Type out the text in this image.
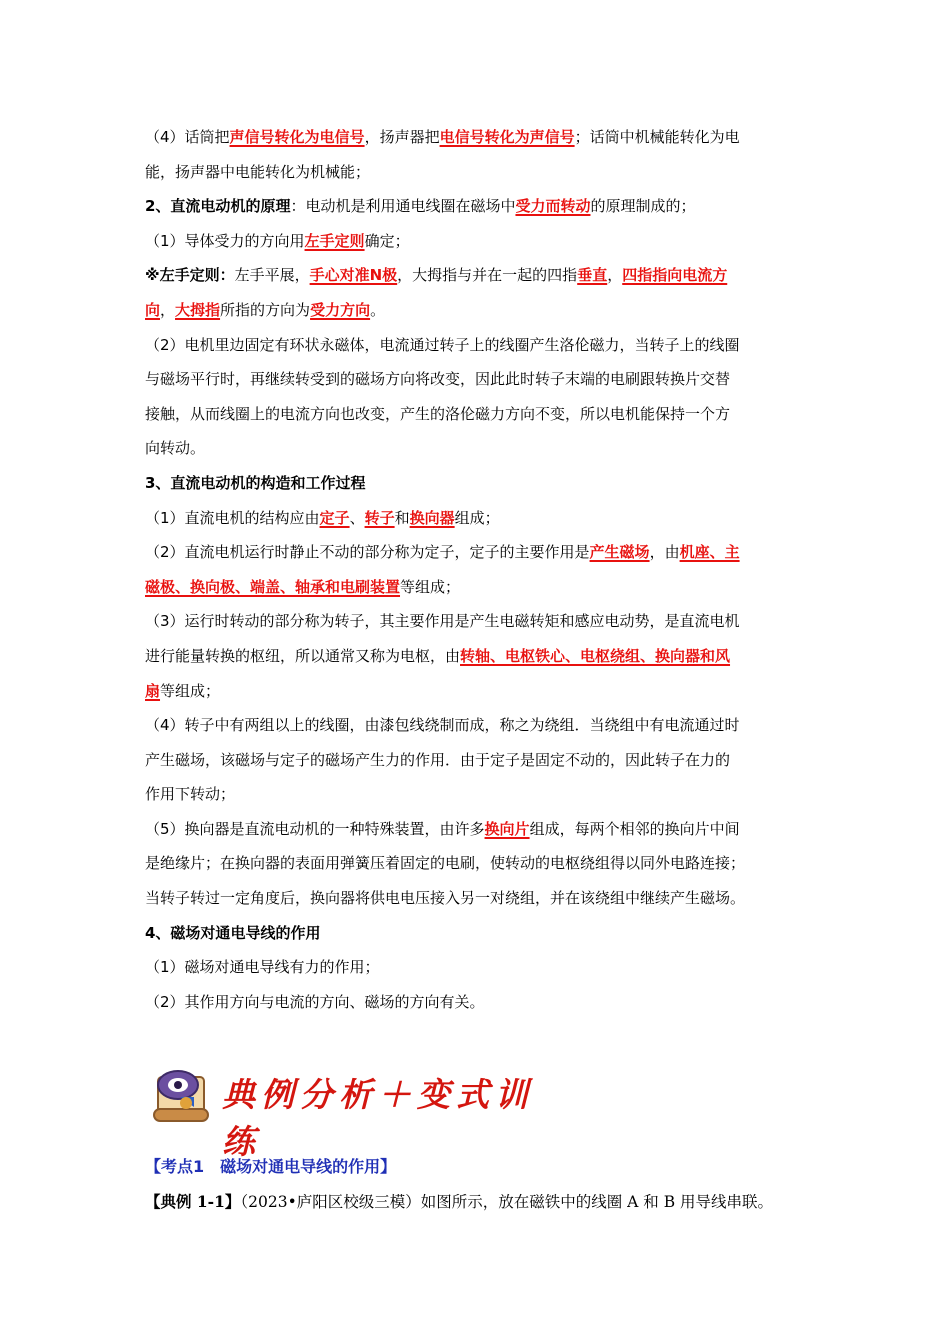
（4）话筒把声信号转化为电信号，扬声器把电信号转化为声信号；话筒中机械能转化为电
能，扬声器中电能转化为机械能；
2、直流电动机的原理：电动机是利用通电线圈在磁场中受力而转动的原理制成的；
（1）导体受力的方向用左手定则确定；
※左手定则：左手平展，手心对准N极，大拇指与并在一起的四指垂直，四指指向电流方
向，大拇指所指的方向为受力方向。
（2）电机里边固定有环状永磁体，电流通过转子上的线圈产生洛伦磁力，当转子上的线圈
与磁场平行时，再继续转受到的磁场方向将改变，因此此时转子末端的电刷跟转换片交替
接触，从而线圈上的电流方向也改变，产生的洛伦磁力方向不变，所以电机能保持一个方
向转动。
3、直流电动机的构造和工作过程
（1）直流电机的结构应由定子、转子和换向器组成；
（2）直流电机运行时静止不动的部分称为定子，定子的主要作用是产生磁场，由机座、主
磁极、换向极、端盖、轴承和电刷装置等组成；
（3）运行时转动的部分称为转子，其主要作用是产生电磁转矩和感应电动势，是直流电机
进行能量转换的枢纽，所以通常又称为电枢，由转轴、电枢铁心、电枢绕组、换向器和风
扇等组成；
（4）转子中有两组以上的线圈，由漆包线绕制而成，称之为绕组．当绕组中有电流通过时
产生磁场，该磁场与定子的磁场产生力的作用．由于定子是固定不动的，因此转子在力的
作用下转动；
（5）换向器是直流电动机的一种特殊装置，由许多换向片组成，每两个相邻的换向片中间
是绝缘片；在换向器的表面用弹簧压着固定的电刷，使转动的电枢绕组得以同外电路连接；
当转子转过一定角度后，换向器将供电电压接入另一对绕组，并在该绕组中继续产生磁场。
4、磁场对通电导线的作用
（1）磁场对通电导线有力的作用；
（2）其作用方向与电流的方向、磁场的方向有关。
典例分析＋变式训练
【考点1　磁场对通电导线的作用】
【典例 1-1】（2023•庐阳区校级三模）如图所示，放在磁铁中的线圈 A 和 B 用导线串联。
